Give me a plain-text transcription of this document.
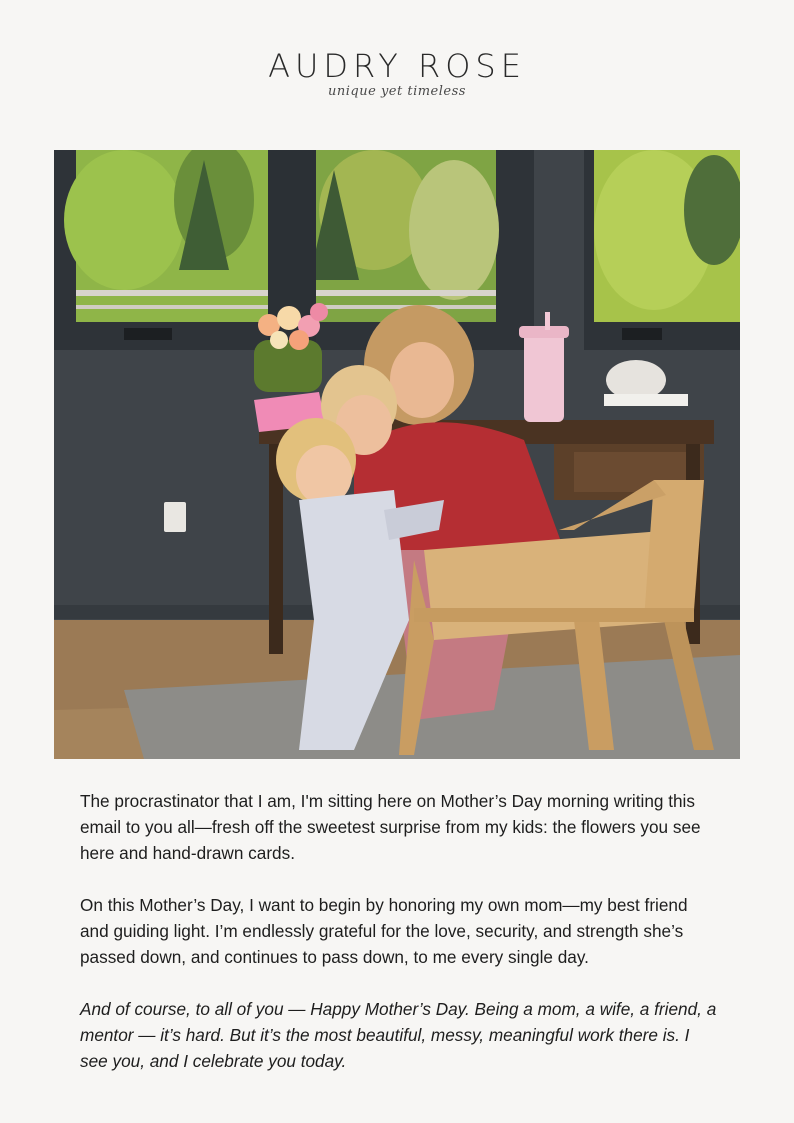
AUDRY ROSE
unique yet timeless

The procrastinator that I am, I'm sitting here on Mother’s Day morning writing this email to you all—fresh off the sweetest surprise from my kids: the flowers you see here and hand-drawn cards.

On this Mother’s Day, I want to begin by honoring my own mom—my best friend and guiding light. I’m endlessly grateful for the love, security, and strength she’s passed down, and continues to pass down, to me every single day.

And of course, to all of you — Happy Mother’s Day. Being a mom, a wife, a friend, a mentor — it’s hard. But it’s the most beautiful, messy, meaningful work there is. I see you, and I celebrate you today.
